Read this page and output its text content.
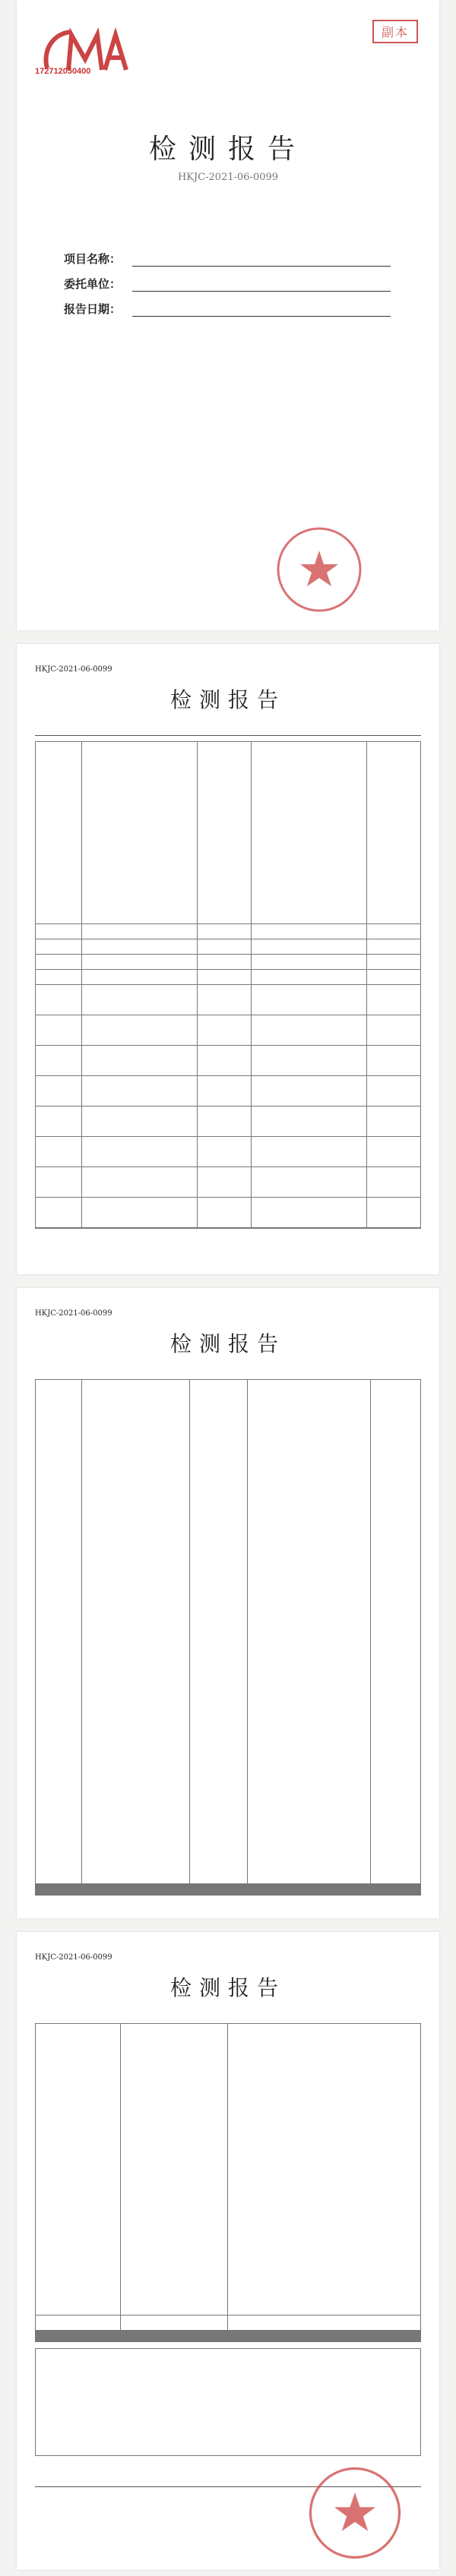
172712050400
副本
检测报告
HKJC-2021-06-0099
项目名称：
委托单位：
报告日期：
HKJC-2021-06-0099
检测报告

HKJC-2021-06-0099
检测报告

HKJC-2021-06-0099
检测报告
